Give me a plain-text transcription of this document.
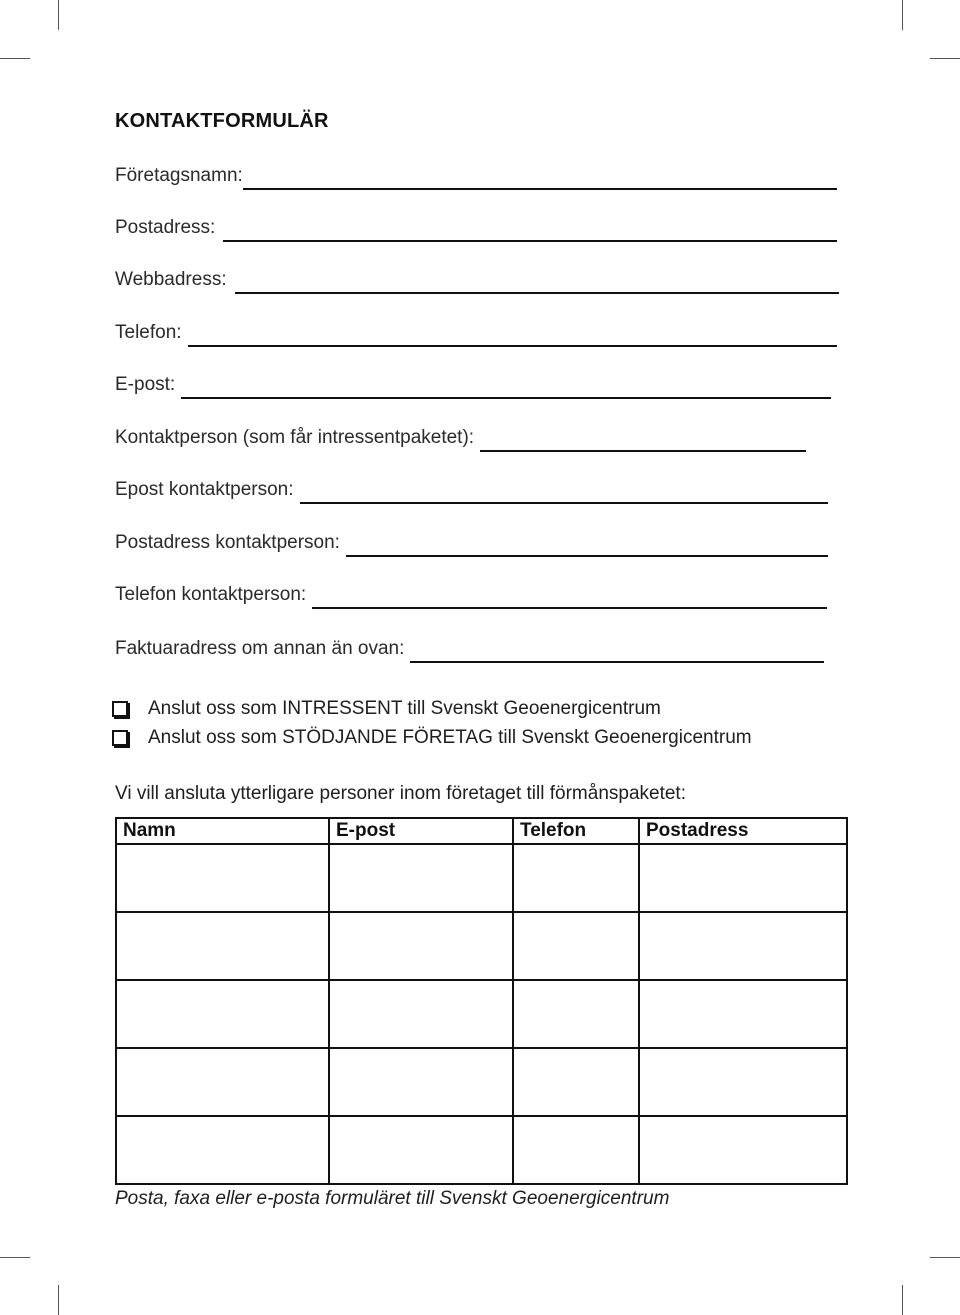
KONTAKTFORMULÄR
Företagsnamn:
Postadress:
Webbadress:
Telefon:
E-post:
Kontaktperson (som får intressentpaketet):
Epost kontaktperson:
Postadress kontaktperson:
Telefon kontaktperson:
Faktuaradress om annan än ovan:
Anslut oss som INTRESSENT till Svenskt Geoenergicentrum
Anslut oss som STÖDJANDE FÖRETAG till Svenskt Geoenergicentrum
Vi vill ansluta ytterligare personer inom företaget till förmånspaketet:
Namn	E-post	Telefon	Postadress

Posta, faxa eller e-posta formuläret till Svenskt Geoenergicentrum
